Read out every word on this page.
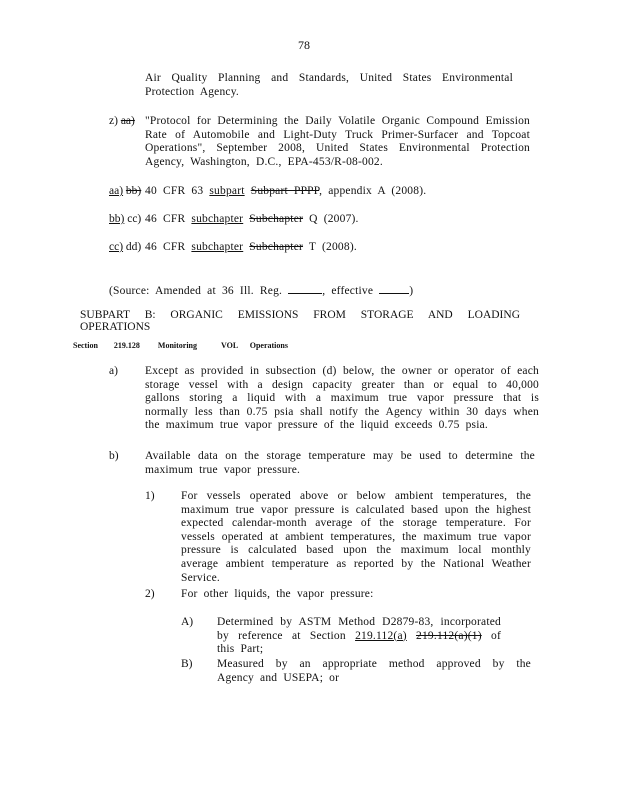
78
Air Quality Planning and Standards, United States Environmental Protection Agency.
z) aa) "Protocol for Determining the Daily Volatile Organic Compound Emission Rate of Automobile and Light-Duty Truck Primer-Surfacer and Topcoat Operations", September 2008, United States Environmental Protection Agency, Washington, D.C., EPA-453/R-08-002.
aa) bb) 40 CFR 63 subpart Subpart PPPP, appendix A (2008).
bb) cc) 46 CFR subchapter Subchapter Q (2007).
cc) dd) 46 CFR subchapter Subchapter T (2008).
(Source: Amended at 36 Ill. Reg.	, effective	)
SUBPART B: ORGANIC EMISSIONS FROM STORAGE AND LOADING OPERATIONS
Section 219.128 Monitoring	VOL Operations
a) Except as provided in subsection (d) below, the owner or operator of each storage vessel with a design capacity greater than or equal to 40,000 gallons storing a liquid with a maximum true vapor pressure that is normally less than 0.75 psia shall notify the Agency within 30 days when the maximum true vapor pressure of the liquid exceeds 0.75 psia.
b) Available data on the storage temperature may be used to determine the maximum true vapor pressure.
1) For vessels operated above or below ambient temperatures, the maximum true vapor pressure is calculated based upon the highest expected calendar-month average of the storage temperature. For vessels operated at ambient temperatures, the maximum true vapor pressure is calculated based upon the maximum local monthly average ambient temperature as reported by the National Weather Service.
2) For other liquids, the vapor pressure:
A) Determined by ASTM Method D2879-83, incorporated by reference at Section 219.112(a) 219.112(a)(1) of this Part;
B) Measured by an appropriate method approved by the Agency and USEPA; or
